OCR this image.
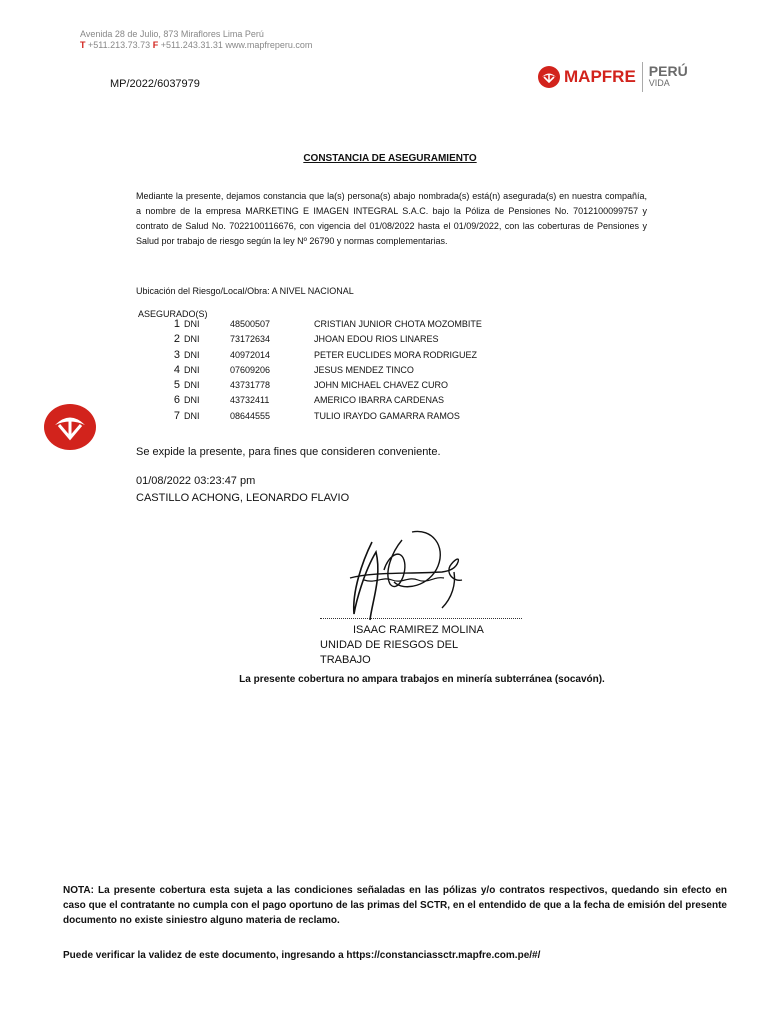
Avenida 28 de Julio, 873 Miraflores Lima Perú
T +511.213.73.73 F +511.243.31.31 www.mapfreperu.com
MAPFRE PERÚ
VIDA
MP/2022/6037979
CONSTANCIA DE ASEGURAMIENTO
Mediante la presente, dejamos constancia que la(s) persona(s) abajo nombrada(s) está(n) asegurada(s) en nuestra compañía, a nombre de la empresa MARKETING E IMAGEN INTEGRAL S.A.C. bajo la Póliza de Pensiones No. 7012100099757 y contrato de Salud No. 7022100116676, con vigencia del 01/08/2022 hasta el 01/09/2022, con las coberturas de Pensiones y Salud por trabajo de riesgo según la ley Nº 26790 y normas complementarias.
Ubicación del Riesgo/Local/Obra: A NIVEL NACIONAL
ASEGURADO(S)
1 DNI	48500507	CRISTIAN JUNIOR CHOTA MOZOMBITE
2 DNI	73172634	JHOAN EDOU RIOS LINARES
3 DNI	40972014	PETER EUCLIDES MORA RODRIGUEZ
4 DNI	07609206	JESUS MENDEZ TINCO
5 DNI	43731778	JOHN MICHAEL CHAVEZ CURO
6 DNI	43732411	AMERICO IBARRA CARDENAS
7 DNI	08644555	TULIO IRAYDO GAMARRA RAMOS
Se expide la presente, para fines que consideren conveniente.
01/08/2022 03:23:47 pm
CASTILLO ACHONG, LEONARDO FLAVIO
ISAAC RAMIREZ MOLINA
UNIDAD DE RIESGOS DEL TRABAJO
La presente cobertura no ampara trabajos en minería subterránea (socavón).
NOTA: La presente cobertura esta sujeta a las condiciones señaladas en las pólizas y/o contratos respectivos, quedando sin efecto en caso que el contratante no cumpla con el pago oportuno de las primas del SCTR, en el entendido de que a la fecha de emisión del presente documento no existe siniestro alguno materia de reclamo.
Puede verificar la validez de este documento, ingresando a https://constanciassctr.mapfre.com.pe/#/
